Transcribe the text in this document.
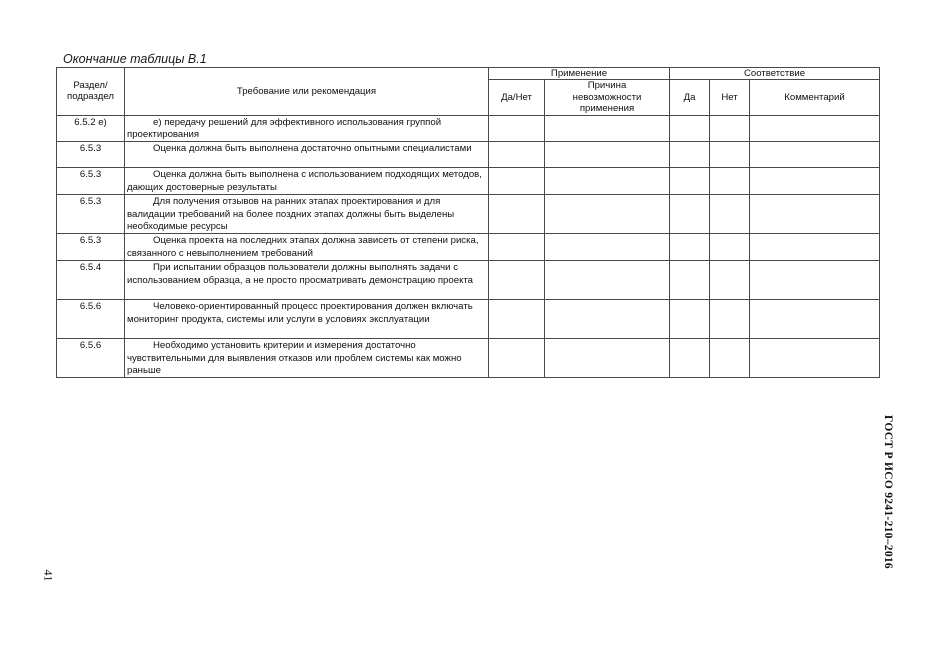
Окончание таблицы В.1
Раздел/ подраздел	Требование или рекомендация	Применение		Соответствие		
		Да/Нет	Причина невозможности применения	Да	Нет	Комментарий
6.5.2 е)	е) передачу решений для эффективного использования группой проектирования					

6.5.3	Оценка должна быть выполнена достаточно опытными специалистами					

6.5.3	Оценка должна быть выполнена с использованием подходящих методов, дающих достоверные результаты					

6.5.3	Для получения отзывов на ранних этапах проектирования и для валидации требований на более поздних этапах должны быть выделены необходимые ресурсы					

6.5.3	Оценка проекта на последних этапах должна зависеть от степени риска, связанного с невыполнением требований					

6.5.4	При испытании образцов пользователи должны выполнять задачи с использованием образца, а не просто просматривать демонстрацию проекта					

6.5.6	Человеко-ориентированный процесс проектирования должен включать мониторинг продукта, системы или услуги в условиях эксплуатации					

6.5.6	Необходимо установить критерии и измерения достаточно чувствительными для выявления отказов или проблем системы как можно раньше					

ГОСТ Р ИСО 9241-210–2016
41
